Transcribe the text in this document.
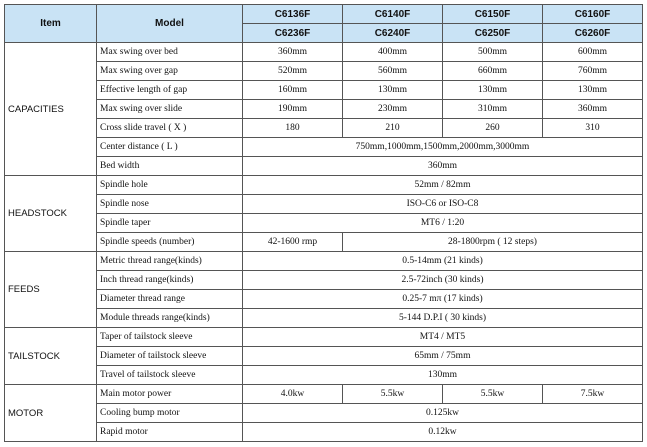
Item	Model	C6136F	C6140F	C6150F	C6160F
		C6236F	C6240F	C6250F	C6260F
CAPACITIES	Max swing over bed	360mm	400mm	500mm	600mm
	Max swing over gap	520mm	560mm	660mm	760mm
	Effective length of gap	160mm	130mm	130mm	130mm
	Max swing over slide	190mm	230mm	310mm	360mm
	Cross slide travel ( X )	180	210	260	310
	Center distance ( L )	750mm,1000mm,1500mm,2000mm,3000mm			
	Bed width	360mm			
HEADSTOCK	Spindle hole	52mm / 82mm			
	Spindle nose	ISO-C6 or ISO-C8			
	Spindle taper	MT6 / 1:20			
	Spindle speeds (number)	42-1600 rmp	28-1800rpm ( 12 steps)		
FEEDS	Metric thread range(kinds)	0.5-14mm (21 kinds)			
	Inch thread range(kinds)	2.5-72inch (30 kinds)			
	Diameter thread range	0.25-7 mπ (17 kinds)			
	Module threads range(kinds)	5-144 D.P.I ( 30 kinds)			
TAILSTOCK	Taper of tailstock sleeve	MT4 / MT5			
	Diameter of tailstock sleeve	65mm / 75mm			
	Travel of tailstock sleeve	130mm			
MOTOR	Main motor power	4.0kw	5.5kw	5.5kw	7.5kw
	Cooling bump motor	0.125kw			
	Rapid motor	0.12kw			
